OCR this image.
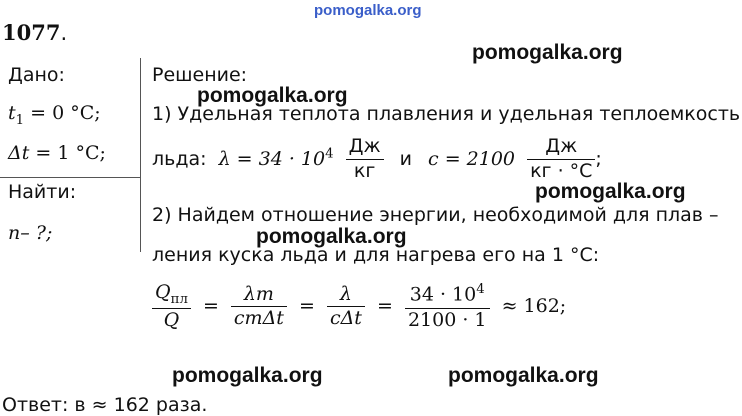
pomogalka.org
pomogalka.org
pomogalka.org
pomogalka.org
pomogalka.org
pomogalka.org	pomogalka.org
1077.
Дано:
$t_1 = 0$ °C;
Δt = 1 °C;
Найти:
n– ?;
Решение:
1) Удельная теплота плавления и удельная теплоемкость
льда: $\lambda = 34 \cdot 10^4 \frac{Дж}{кг}$ и $c = 2100 \frac{Дж}{кг \cdot ^\circ C}$ ;
2) Найдем отношение энергии, необходимой для плав –
ления куска льда и для нагрева его на 1 °C:
$\frac{Q_{пл}}{Q} = \frac{\lambda m}{\text{cmΔt}} = \frac{\lambda}{\text{cΔt}} = \frac{34 \cdot 10^4}{2100 \cdot 1} \approx 162$;
Ответ: в ≈ 162 раза.
